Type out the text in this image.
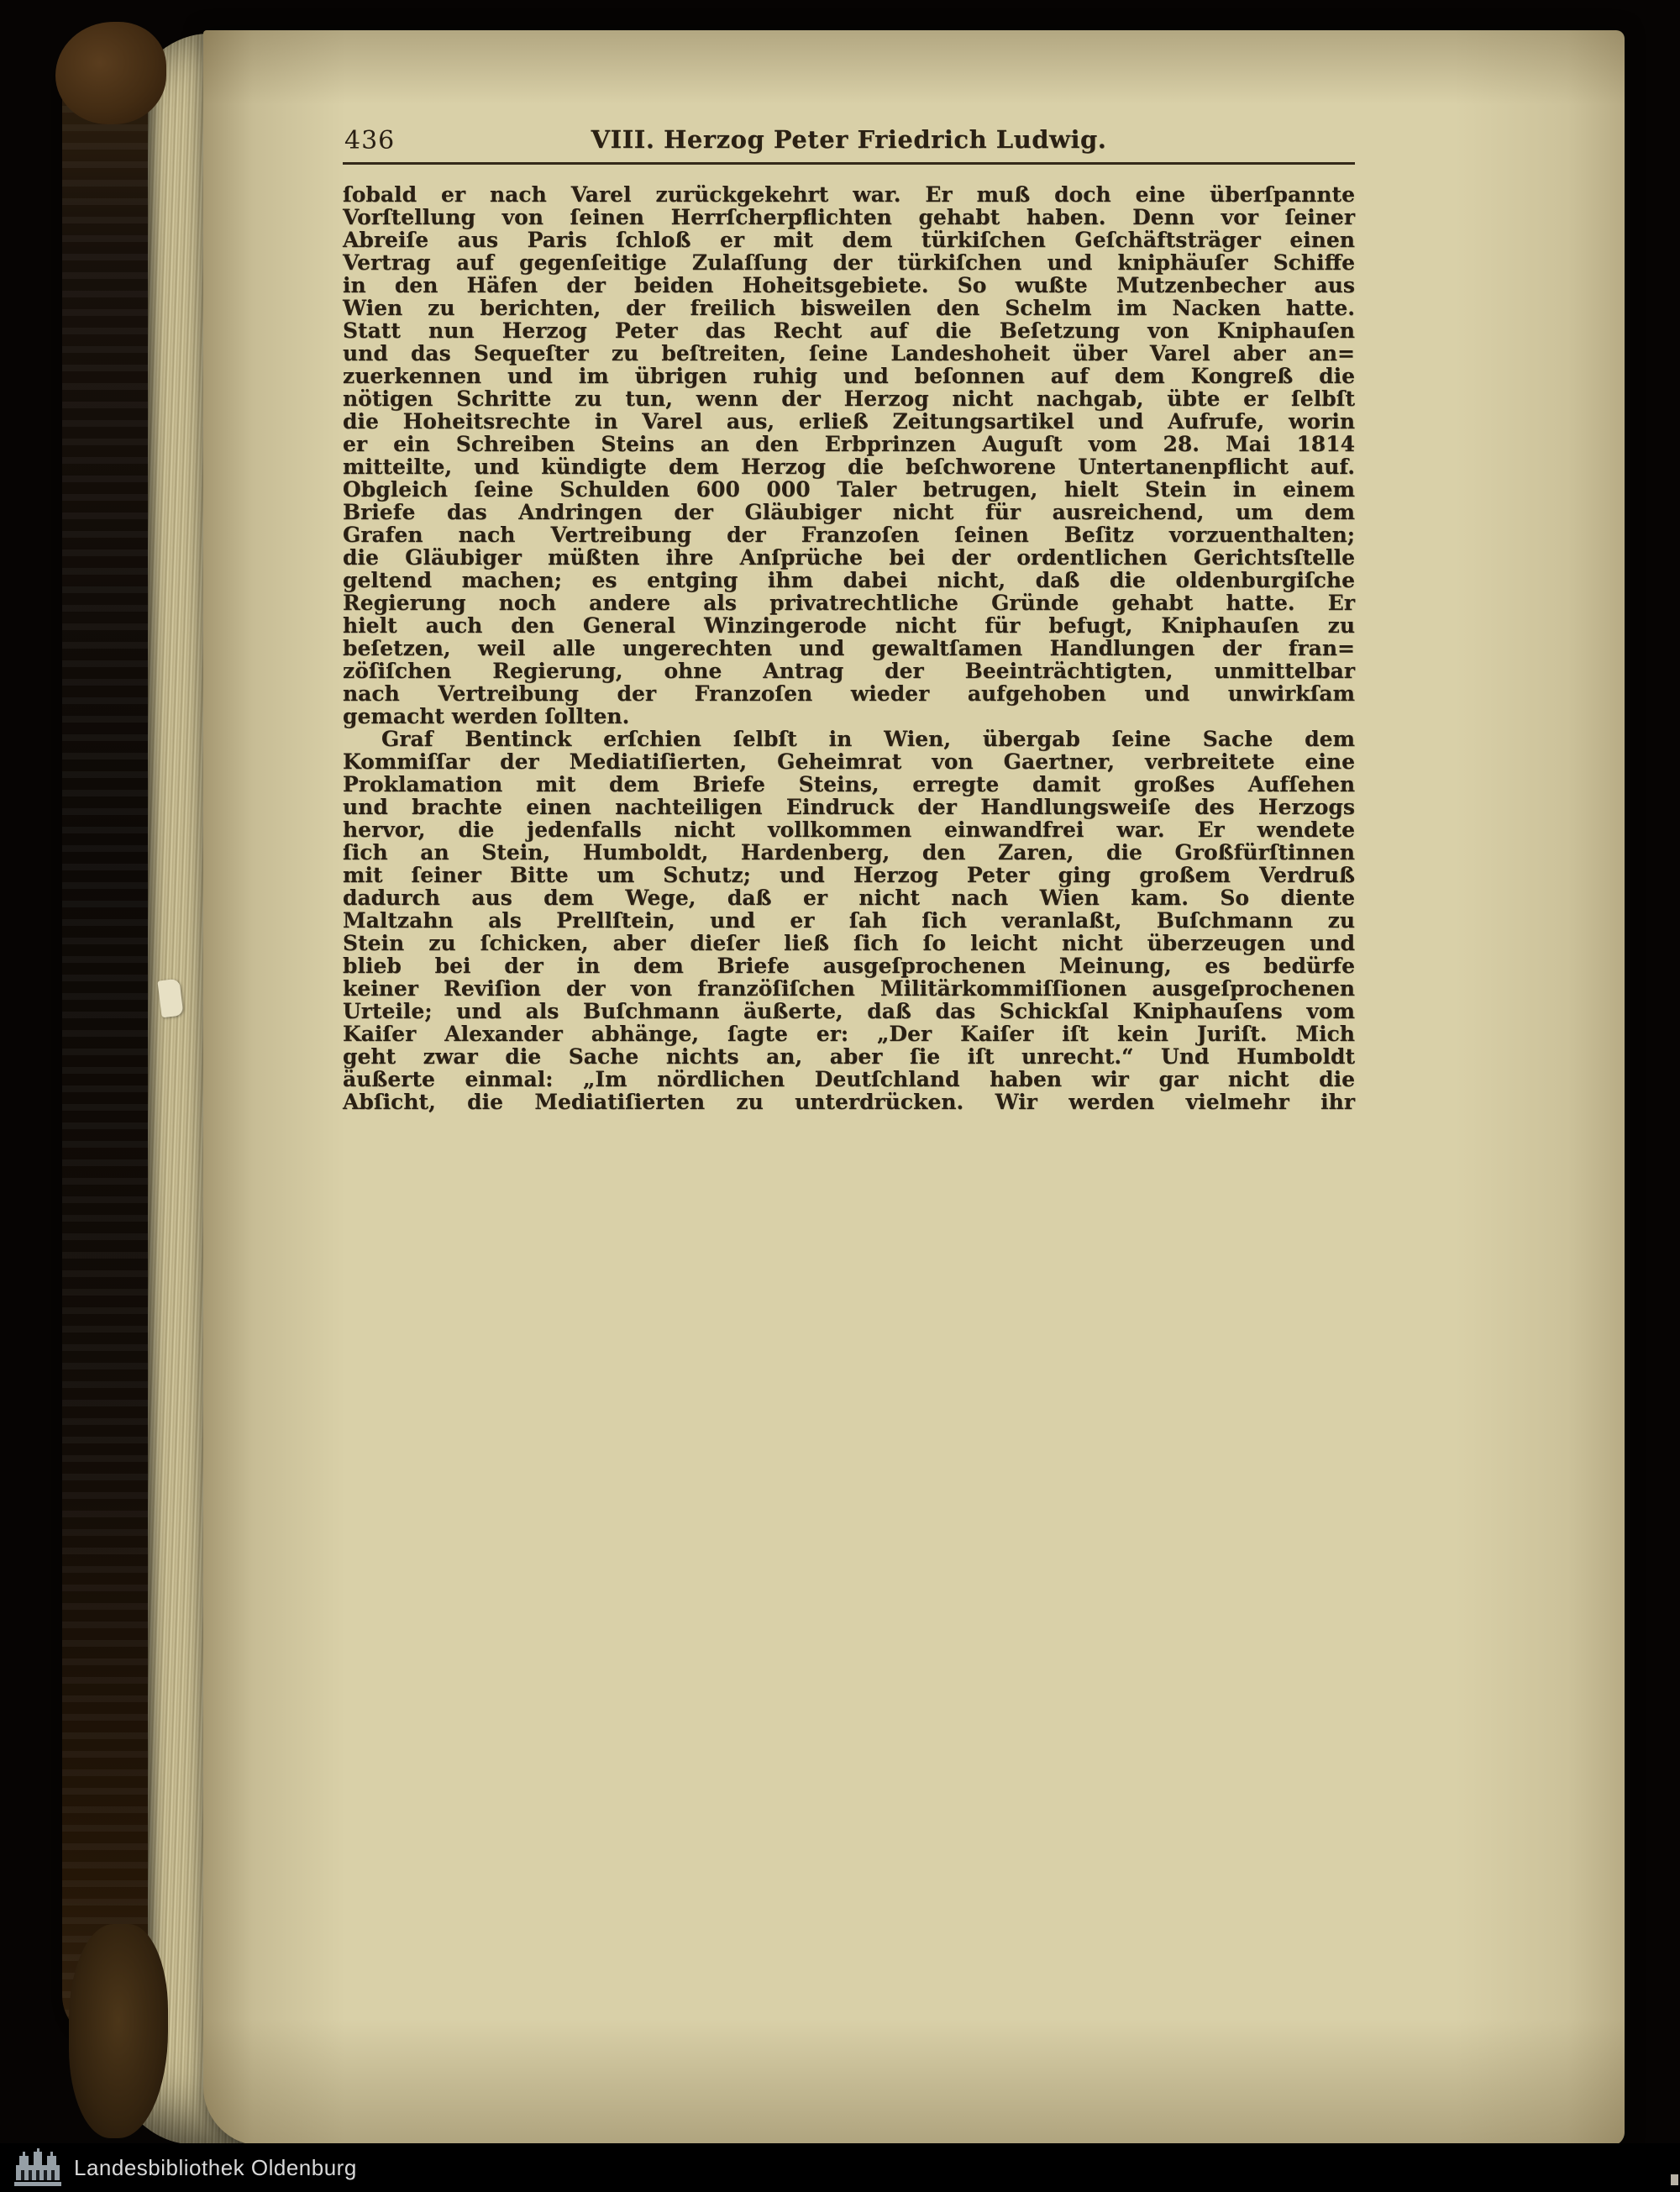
436	VIII. Herzog Peter Friedrich Ludwig.
ſobald er nach Varel zurückgekehrt war. Er muß doch eine überſpannte
Vorſtellung von ſeinen Herrſcherpflichten gehabt haben. Denn vor ſeiner
Abreiſe aus Paris ſchloß er mit dem türkiſchen Geſchäftsträger einen
Vertrag auf gegenſeitige Zulaſſung der türkiſchen und kniphäuſer Schiffe
in den Häfen der beiden Hoheitsgebiete. So wußte Mutzenbecher aus
Wien zu berichten, der freilich bisweilen den Schelm im Nacken hatte.
Statt nun Herzog Peter das Recht auf die Beſetzung von Kniphauſen
und das Sequeſter zu beſtreiten, ſeine Landeshoheit über Varel aber an=
zuerkennen und im übrigen ruhig und beſonnen auf dem Kongreß die
nötigen Schritte zu tun, wenn der Herzog nicht nachgab, übte er ſelbſt
die Hoheitsrechte in Varel aus, erließ Zeitungsartikel und Aufrufe, worin
er ein Schreiben Steins an den Erbprinzen Auguſt vom 28. Mai 1814
mitteilte, und kündigte dem Herzog die beſchworene Untertanenpflicht auf.
Obgleich ſeine Schulden 600 000 Taler betrugen, hielt Stein in einem
Briefe das Andringen der Gläubiger nicht für ausreichend, um dem
Grafen nach Vertreibung der Franzoſen ſeinen Beſitz vorzuenthalten;
die Gläubiger müßten ihre Anſprüche bei der ordentlichen Gerichtsſtelle
geltend machen; es entging ihm dabei nicht, daß die oldenburgiſche
Regierung noch andere als privatrechtliche Gründe gehabt hatte. Er
hielt auch den General Winzingerode nicht für befugt, Kniphauſen zu
beſetzen, weil alle ungerechten und gewaltſamen Handlungen der fran=
zöſiſchen Regierung, ohne Antrag der Beeinträchtigten, unmittelbar
nach Vertreibung der Franzoſen wieder aufgehoben und unwirkſam
gemacht werden ſollten.
Graf Bentinck erſchien ſelbſt in Wien, übergab ſeine Sache dem
Kommiſſar der Mediatiſierten, Geheimrat von Gaertner, verbreitete eine
Proklamation mit dem Briefe Steins, erregte damit großes Aufſehen
und brachte einen nachteiligen Eindruck der Handlungsweiſe des Herzogs
hervor, die jedenfalls nicht vollkommen einwandfrei war. Er wendete
ſich an Stein, Humboldt, Hardenberg, den Zaren, die Großfürſtinnen
mit ſeiner Bitte um Schutz; und Herzog Peter ging großem Verdruß
dadurch aus dem Wege, daß er nicht nach Wien kam. So diente
Maltzahn als Prellſtein, und er ſah ſich veranlaßt, Buſchmann zu
Stein zu ſchicken, aber dieſer ließ ſich ſo leicht nicht überzeugen und
blieb bei der in dem Briefe ausgeſprochenen Meinung, es bedürfe
keiner Reviſion der von franzöſiſchen Militärkommiſſionen ausgeſprochenen
Urteile; und als Buſchmann äußerte, daß das Schickſal Kniphauſens vom
Kaiſer Alexander abhänge, ſagte er: „Der Kaiſer iſt kein Juriſt. Mich
geht zwar die Sache nichts an, aber ſie iſt unrecht.“ Und Humboldt
äußerte einmal: „Im nördlichen Deutſchland haben wir gar nicht die
Abſicht, die Mediatiſierten zu unterdrücken. Wir werden vielmehr ihr
Landesbibliothek Oldenburg
